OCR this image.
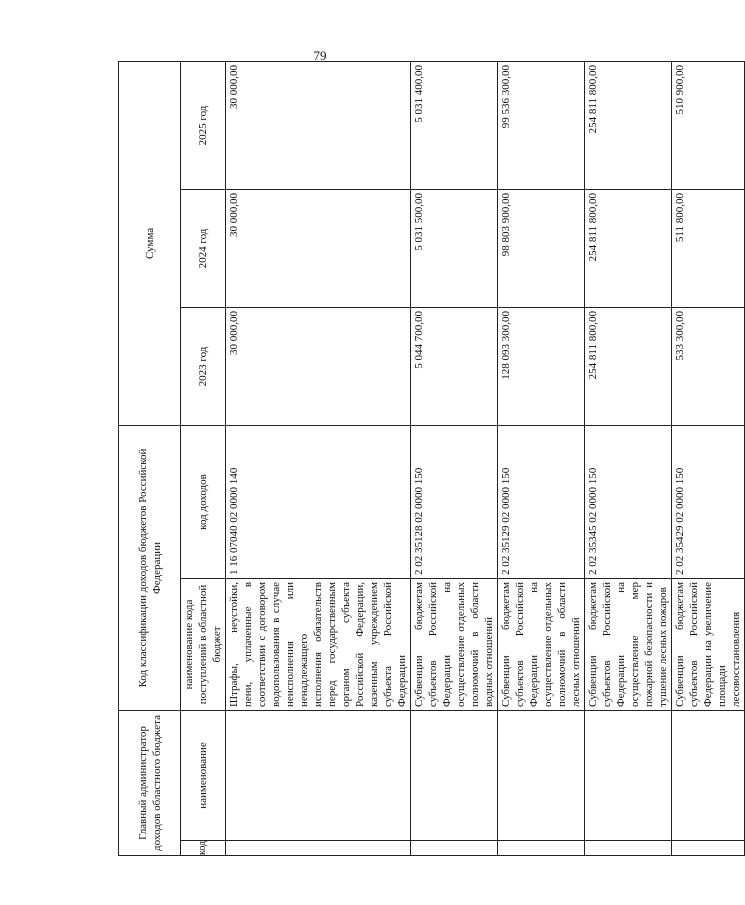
79
Главный администратор доходов областного бюджета		Код классификации доходов бюджетов Российской Федерации		Сумма		
код	наименование	наименование кода поступлений в областной бюджет	код доходов	2023 год	2024 год	2025 год
		Штрафы, неустойки, пени, уплаченные в соответствии с договором водопользования в случае неисполнения или ненадлежащего исполнения обязательств перед государственным органом субъекта Российской Федерации, казенным учреждением субъекта Российской Федерации	1 16 07040 02 0000 140	30 000,00	30 000,00	30 000,00
		Субвенции бюджетам субъектов Российской Федерации на осуществление отдельных полномочий в области водных отношений	2 02 35128 02 0000 150	5 044 700,00	5 031 500,00	5 031 400,00
		Субвенции бюджетам субъектов Российской Федерации на осуществление отдельных полномочий в области лесных отношений	2 02 35129 02 0000 150	128 093 300,00	98 803 900,00	99 536 300,00
		Субвенции бюджетам субъектов Российской Федерации на осуществление мер пожарной безопасности и тушение лесных пожаров	2 02 35345 02 0000 150	254 811 800,00	254 811 800,00	254 811 800,00
		Субвенции бюджетам субъектов Российской Федерации на увеличение площади лесовосстановления	2 02 35429 02 0000 150	533 300,00	511 800,00	510 900,00
